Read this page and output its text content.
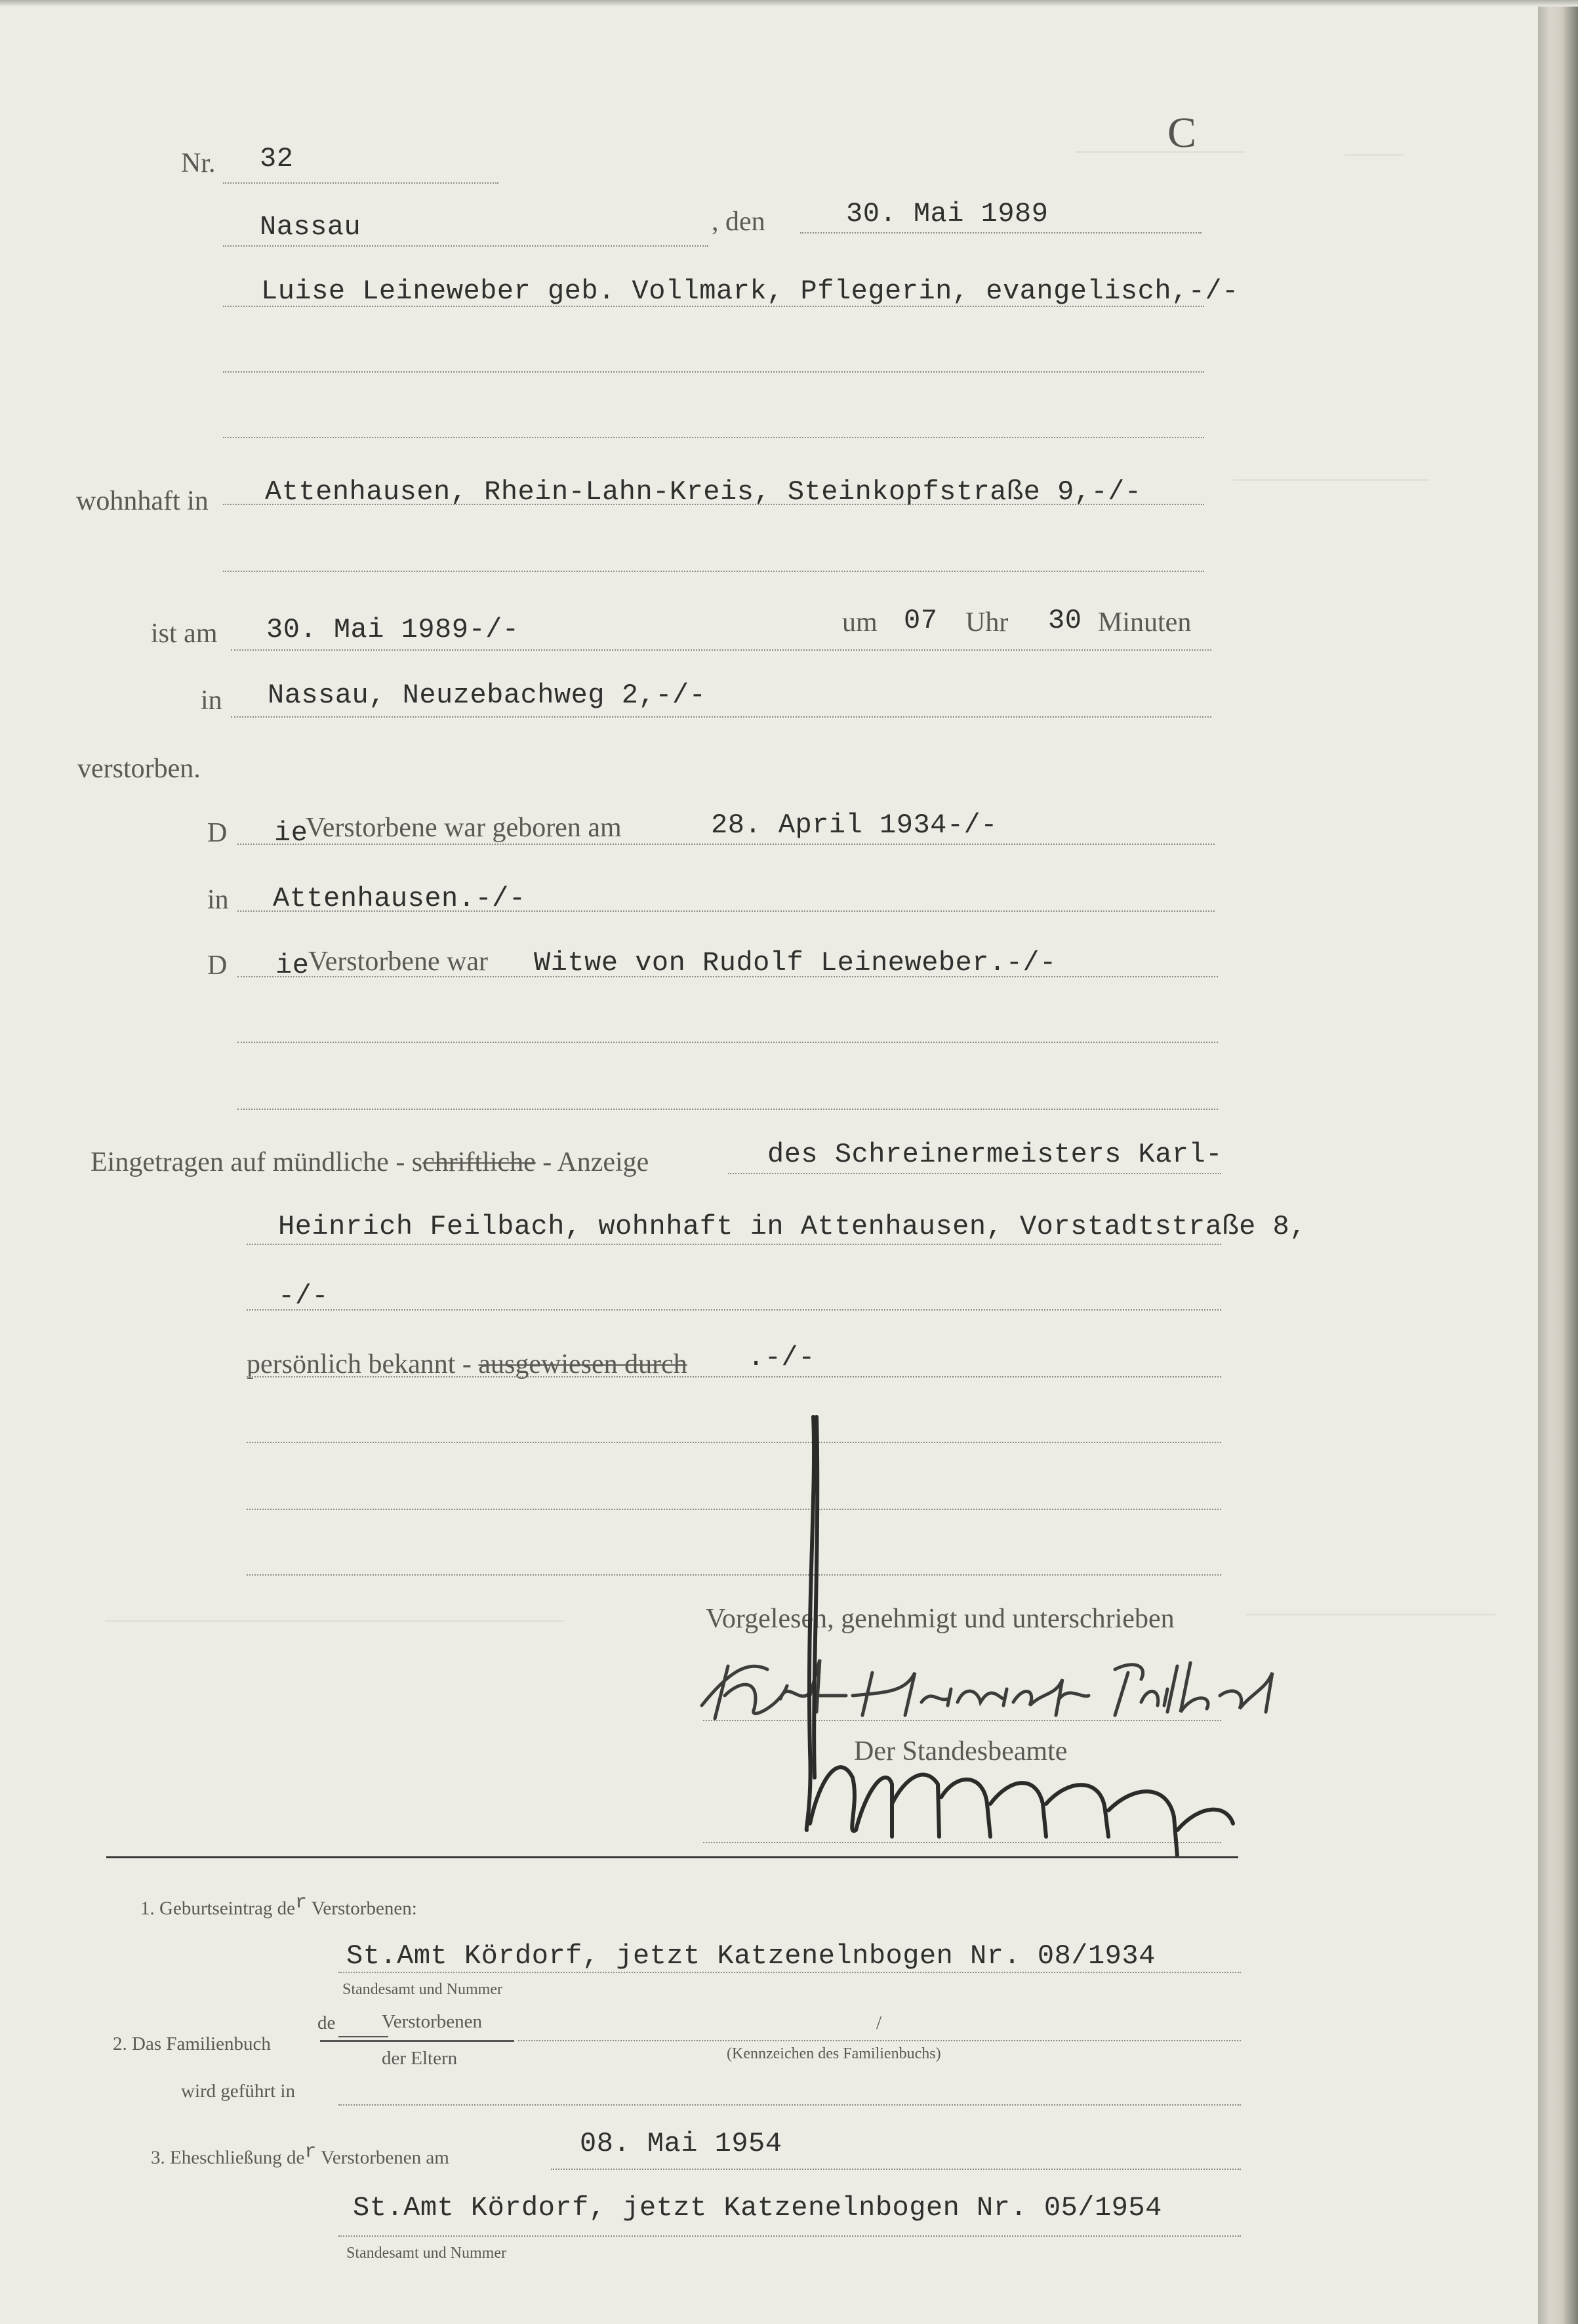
C
Nr. 32
Nassau	, den	30. Mai 1989
Luise Leineweber geb. Vollmark, Pflegerin, evangelisch,-/-
wohnhaft in Attenhausen, Rhein-Lahn-Kreis, Steinkopfstraße 9,-/-
ist am 30. Mai 1989-/-	um 07 Uhr 30 Minuten
in Nassau, Neuzebachweg 2,-/-
verstorben.
D ie
Verstorbene war geboren am	28. April 1934-/-
in Attenhausen.-/-
D ie
Verstorbene war Witwe von Rudolf Leineweber.-/-
Eingetragen auf mündliche - schriftliche - Anzeige	des Schreinermeisters Karl-
Heinrich Feilbach, wohnhaft in Attenhausen, Vorstadtstraße 8,
-/-
persönlich bekannt - ausgewiesen durch .-/-
Vorgelesen, genehmigt und unterschrieben
Der Standesbeamte
1. Geburtseintrag $de^r$ Verstorbenen:
St.Amt Kördorf, jetzt Katzenelnbogen Nr. 08/1934
Standesamt und Nummer
2. Das Familienbuch
de Verstorbenen
der Eltern
/
(Kennzeichen des Familienbuchs)
wird geführt in
3. Eheschließung $de^r$ Verstorbenen am	08. Mai 1954
St.Amt Kördorf, jetzt Katzenelnbogen Nr. 05/1954
Standesamt und Nummer
